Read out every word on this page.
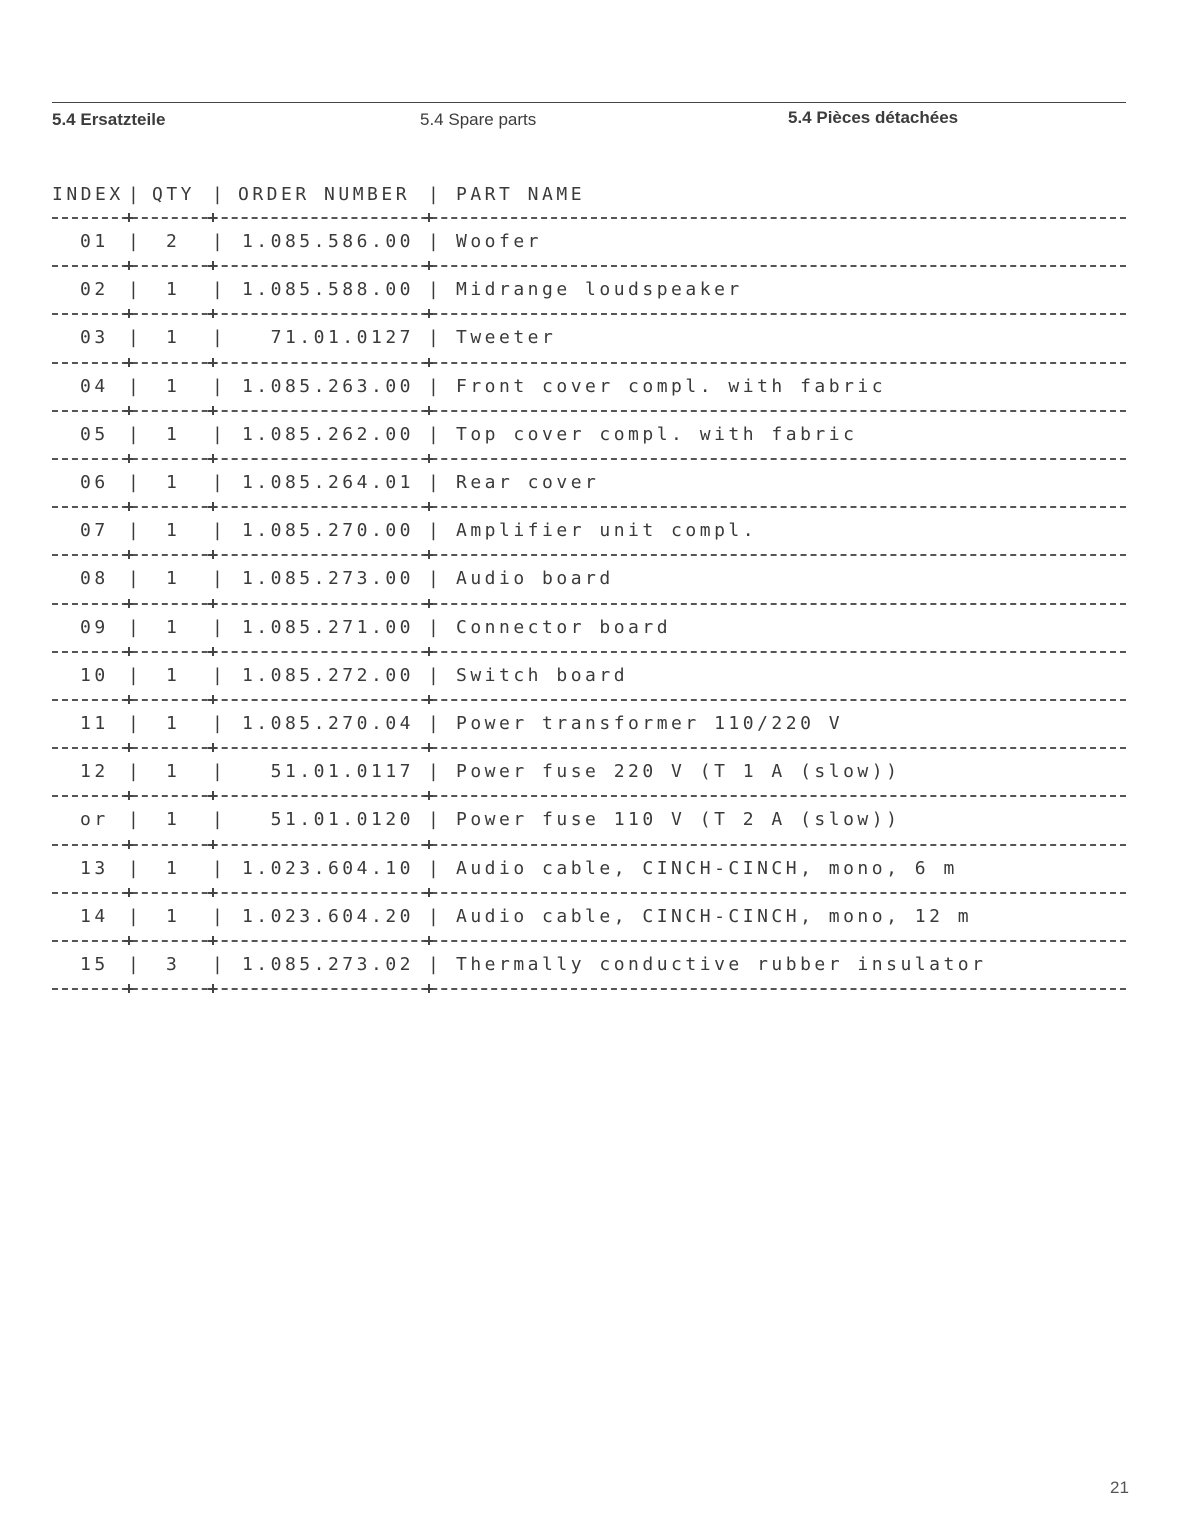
5.4 Ersatzteile	5.4 Spare parts	5.4 Pièces détachées
INDEX | QTY | ORDER NUMBER | PART NAME
01	2	1.085.586.00 Woofer
|	|	|
02	1	1.085.588.00 Midrange loudspeaker
|	|	|
03	1	71.01.0127 Tweeter
|	|	|
04	1	1.085.263.00 Front cover compl. with fabric
|	|	|
05	1	1.085.262.00 Top cover compl. with fabric
|	|	|
06	1	1.085.264.01 Rear cover
|	|	|
07	1	1.085.270.00 Amplifier unit compl.
|	|	|
08	1	1.085.273.00 Audio board
|	|	|
09	1	1.085.271.00 Connector board
|	|	|
10	1	1.085.272.00 Switch board
|	|	|
11	1	1.085.270.04 Power transformer 110/220 V
|	|	|
12	1	51.01.0117 Power fuse 220 V (T 1 A (slow))
|	|	|
or	1	51.01.0120 Power fuse 110 V (T 2 A (slow))
|	|	|
13	1	1.023.604.10 Audio cable, CINCH-CINCH, mono, 6 m
|	|	|
14	1	1.023.604.20 Audio cable, CINCH-CINCH, mono, 12 m
|	|	|
15	3	1.085.273.02 Thermally conductive rubber insulator
|	|	|
21
